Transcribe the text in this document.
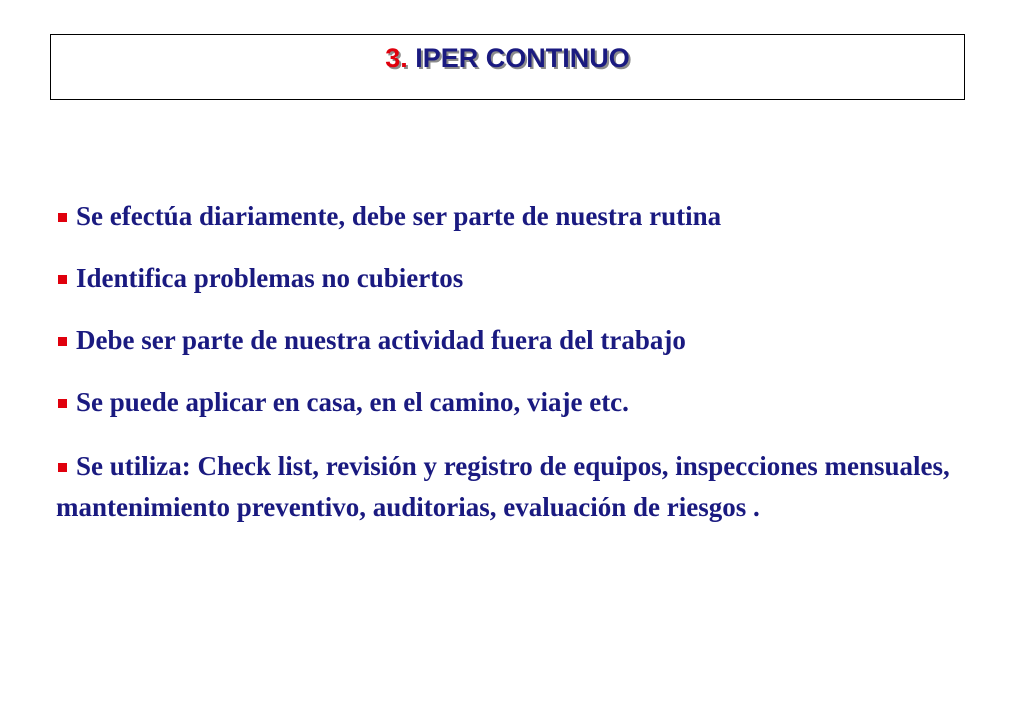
3. IPER CONTINUO
Se efectúa diariamente, debe ser parte de nuestra rutina
Identifica problemas no cubiertos
Debe ser parte de nuestra actividad fuera del trabajo
Se puede aplicar en casa, en el camino, viaje etc.
Se utiliza: Check list, revisión y registro de equipos, inspecciones mensuales, mantenimiento preventivo, auditorias, evaluación de riesgos .
